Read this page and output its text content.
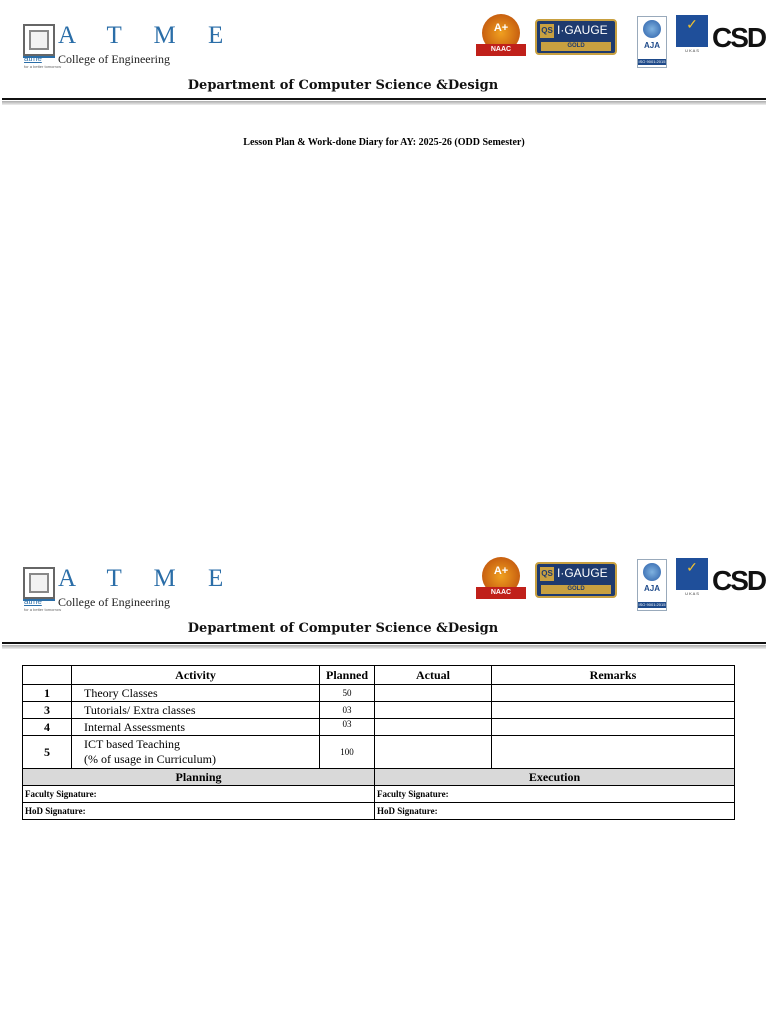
A T M E
atme
for a better tomorrow
College of Engineering
A+
NAAC
QS I·GAUGE
GOLD	AJA
ISO 9001:2015
✓
U K A S CSD
Department of Computer Science &Design
Lesson Plan & Work-done Diary for AY: 2025-26 (ODD Semester)
A T M E
atme
for a better tomorrow
College of Engineering
A+
NAAC
QS I·GAUGE
GOLD	AJA
ISO 9001:2015
✓
U K A S CSD
Department of Computer Science &Design
	Activity	Planned	Actual	Remarks
1	Theory Classes	50		
3	Tutorials/ Extra classes	03		
4	Internal Assessments	03		
5	ICT based Teaching
(% of usage in Curriculum)	100		
Planning			Execution	
Faculty Signature:			Faculty Signature:	
HoD Signature:			HoD Signature:	
